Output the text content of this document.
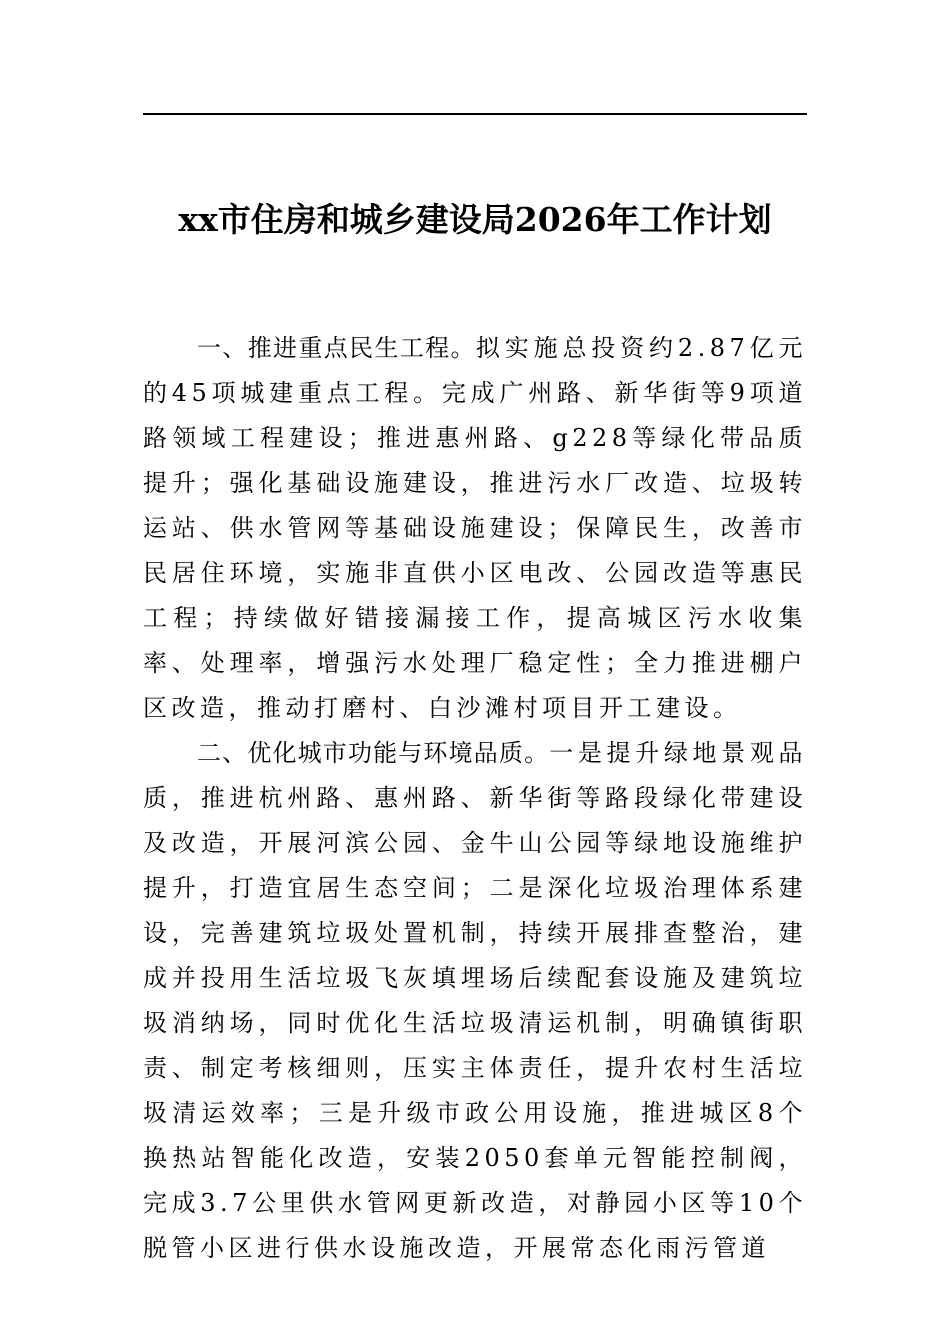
xx市住房和城乡建设局2026年工作计划

一、推进重点民生工程。拟实施总投资约2.87亿元的45项城建重点工程。完成广州路、新华街等9项道路领域工程建设；推进惠州路、g228等绿化带品质提升；强化基础设施建设，推进污水厂改造、垃圾转运站、供水管网等基础设施建设；保障民生，改善市民居住环境，实施非直供小区电改、公园改造等惠民工程；持续做好错接漏接工作，提高城区污水收集率、处理率，增强污水处理厂稳定性；全力推进棚户区改造，推动打磨村、白沙滩村项目开工建设。

二、优化城市功能与环境品质。一是提升绿地景观品质，推进杭州路、惠州路、新华街等路段绿化带建设及改造，开展河滨公园、金牛山公园等绿地设施维护提升，打造宜居生态空间；二是深化垃圾治理体系建设，完善建筑垃圾处置机制，持续开展排查整治，建成并投用生活垃圾飞灰填埋场后续配套设施及建筑垃圾消纳场，同时优化生活垃圾清运机制，明确镇街职责、制定考核细则，压实主体责任，提升农村生活垃圾清运效率；三是升级市政公用设施，推进城区8个换热站智能化改造，安装2050套单元智能控制阀，完成3.7公里供水管网更新改造，对静园小区等10个脱管小区进行供水设施改造，开展常态化雨污管道
